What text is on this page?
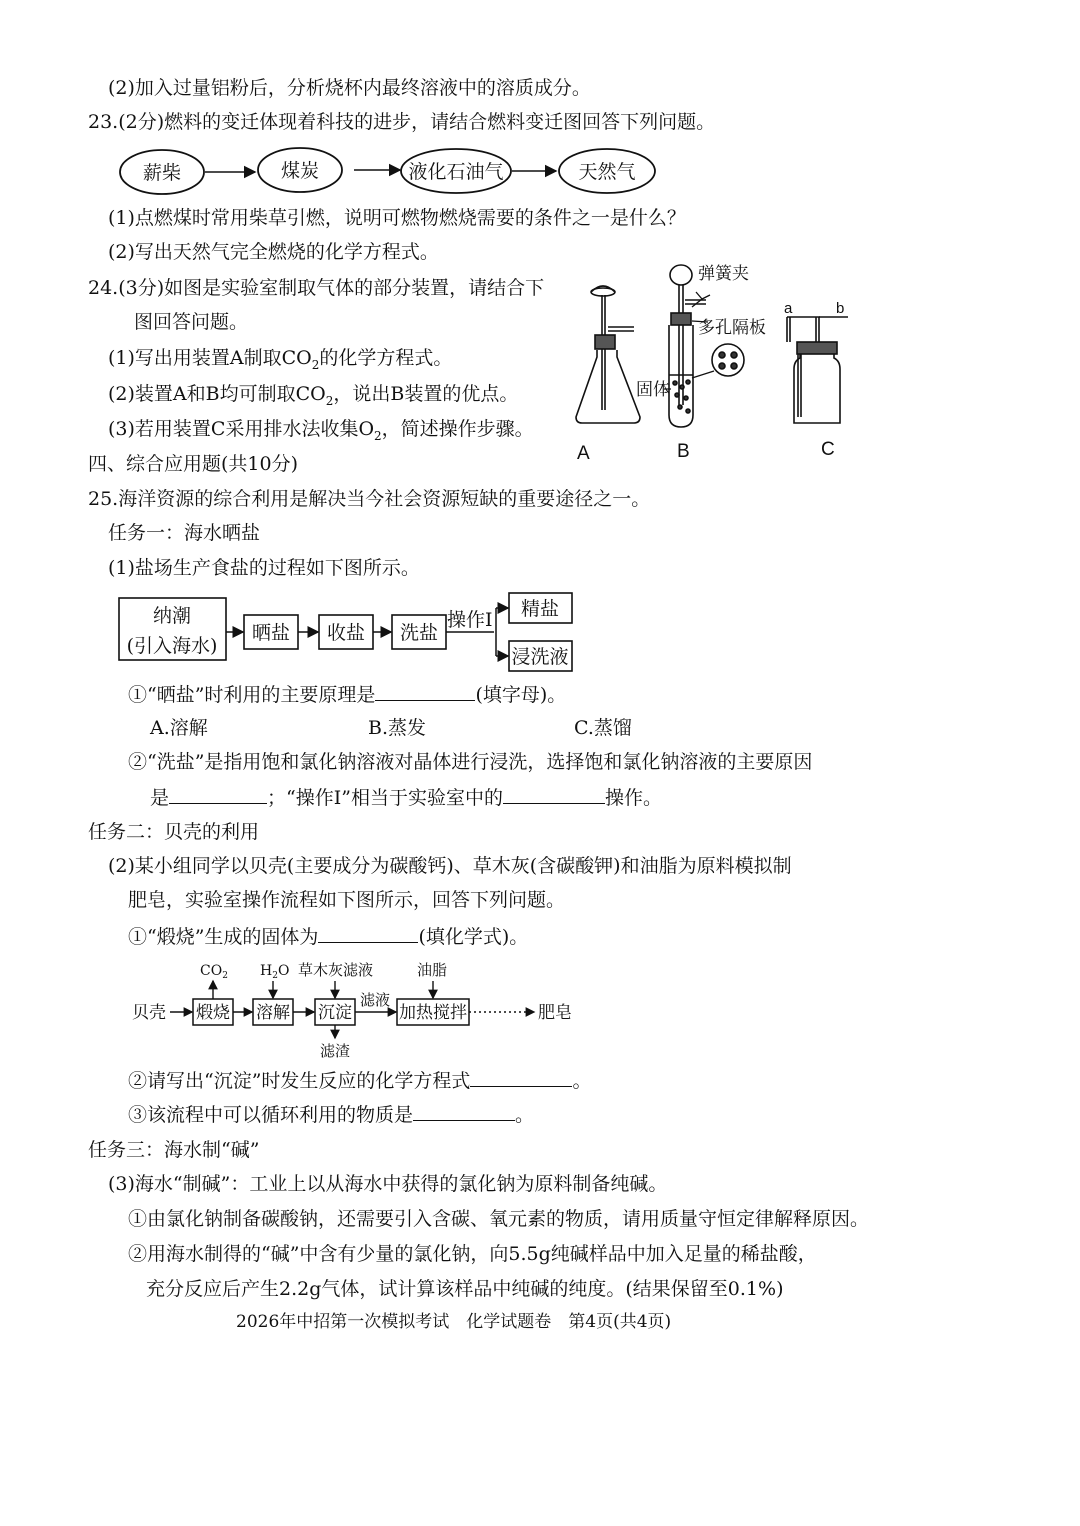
(2)加入过量铝粉后，分析烧杯内最终溶液中的溶质成分。
23.(2分)燃料的变迁体现着科技的进步，请结合燃料变迁图回答下列问题。
薪柴	煤炭	液化石油气	天然气
(1)点燃煤时常用柴草引燃，说明可燃物燃烧需要的条件之一是什么？
(2)写出天然气完全燃烧的化学方程式。
24.(3分)如图是实验室制取气体的部分装置，请结合下
图回答问题。
(1)写出用装置A制取$CO_2$的化学方程式。
(2)装置A和B均可制取$CO_2$，说出B装置的优点。
(3)若用装置C采用排水法收集$O_2$，简述操作步骤。
弹簧夹
多孔隔板
固体
a	b
A	B	C
四、综合应用题(共10分)
25.海洋资源的综合利用是解决当今社会资源短缺的重要途径之一。
任务一：海水晒盐
(1)盐场生产食盐的过程如下图所示。
纳潮
(引入海水)
晒盐 收盐 洗盐
操作I 精盐
浸洗液
①“晒盐”时利用的主要原理是	(填字母)。
A.溶解	B.蒸发	C.蒸馏
②“洗盐”是指用饱和氯化钠溶液对晶体进行浸洗，选择饱和氯化钠溶液的主要原因
是	；“操作I”相当于实验室中的	操作。
任务二：贝壳的利用
(2)某小组同学以贝壳(主要成分为碳酸钙)、草木灰(含碳酸钾)和油脂为原料模拟制
肥皂，实验室操作流程如下图所示，回答下列问题。
①“煅烧”生成的固体为	(填化学式)。
贝壳 煅烧
$CO_2$
溶解
$H_2O$
沉淀
草木灰滤液
滤渣
滤液
加热搅拌
油脂
肥皂
②请写出“沉淀”时发生反应的化学方程式	。
③该流程中可以循环利用的物质是	。
任务三：海水制“碱”
(3)海水“制碱”：工业上以从海水中获得的氯化钠为原料制备纯碱。
①由氯化钠制备碳酸钠，还需要引入含碳、氧元素的物质，请用质量守恒定律解释原因。
②用海水制得的“碱”中含有少量的氯化钠，向5.5g纯碱样品中加入足量的稀盐酸，
充分反应后产生2.2g气体，试计算该样品中纯碱的纯度。(结果保留至0.1%)
2026年中招第一次模拟考试　化学试题卷　第4页(共4页)
